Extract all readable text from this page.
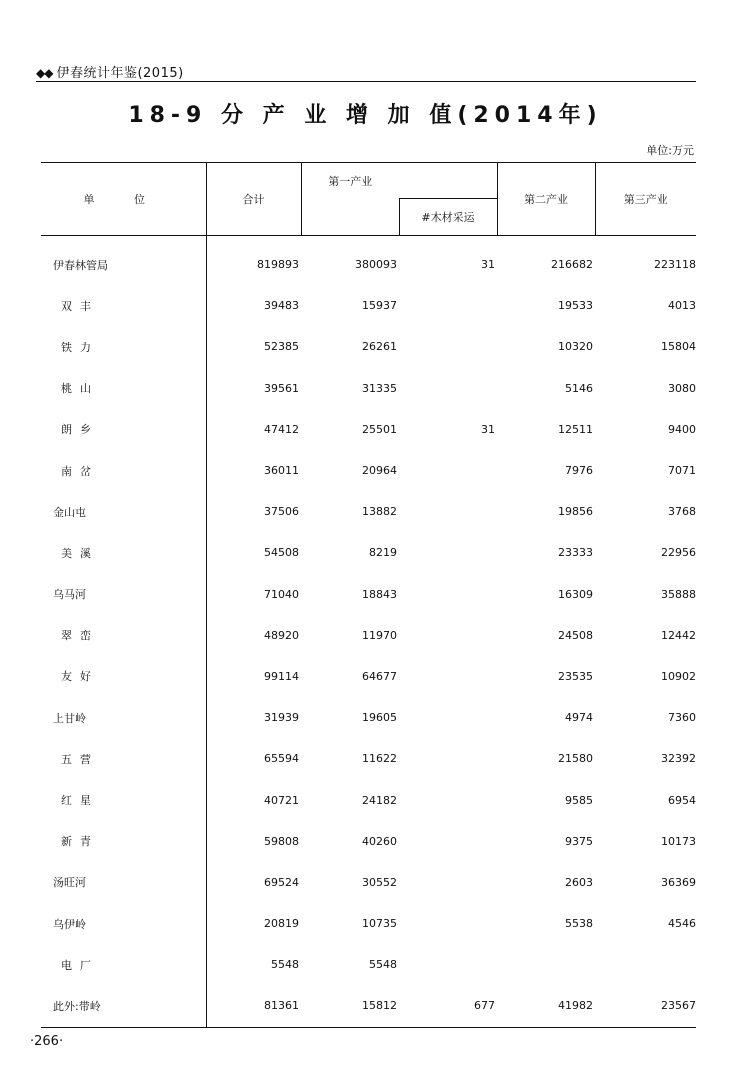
◆◆ 伊春统计年鉴(2015)
18-9 分 产 业 增 加 值(2014年)
单位:万元
单 位	合计	第一产业		第二产业	第三产业
			#木材采运		
伊春林管局	819893	380093	31	216682	223118
双丰	39483	15937		19533	4013
铁力	52385	26261		10320	15804
桃山	39561	31335		5146	3080
朗乡	47412	25501	31	12511	9400
南岔	36011	20964		7976	7071
金山屯	37506	13882		19856	3768
美溪	54508	8219		23333	22956
乌马河	71040	18843		16309	35888
翠峦	48920	11970		24508	12442
友好	99114	64677		23535	10902
上甘岭	31939	19605		4974	7360
五营	65594	11622		21580	32392
红星	40721	24182		9585	6954
新青	59808	40260		9375	10173
汤旺河	69524	30552		2603	36369
乌伊岭	20819	10735		5538	4546
电厂	5548	5548			
此外:带岭	81361	15812	677	41982	23567
·266·
